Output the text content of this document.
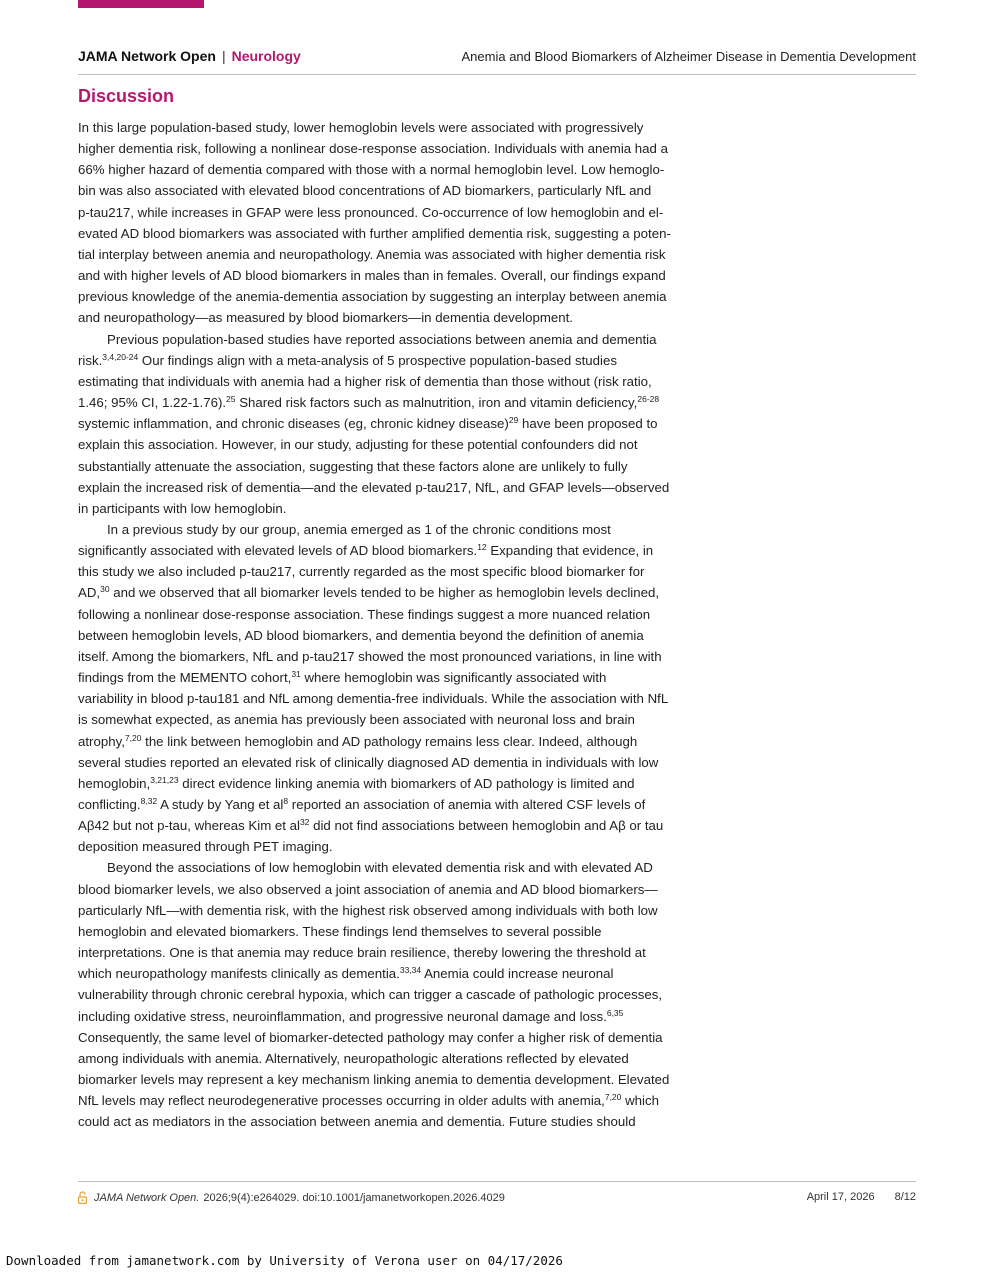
JAMA Network Open | Neurology	Anemia and Blood Biomarkers of Alzheimer Disease in Dementia Development
Discussion

In this large population-based study, lower hemoglobin levels were associated with progressively
higher dementia risk, following a nonlinear dose-response association. Individuals with anemia had a
66% higher hazard of dementia compared with those with a normal hemoglobin level. Low hemoglo-
bin was also associated with elevated blood concentrations of AD biomarkers, particularly NfL and
p-tau217, while increases in GFAP were less pronounced. Co-occurrence of low hemoglobin and el-
evated AD blood biomarkers was associated with further amplified dementia risk, suggesting a poten-
tial interplay between anemia and neuropathology. Anemia was associated with higher dementia risk
and with higher levels of AD blood biomarkers in males than in females. Overall, our findings expand
previous knowledge of the anemia-dementia association by suggesting an interplay between anemia
and neuropathology—as measured by blood biomarkers—in dementia development.

Previous population-based studies have reported associations between anemia and dementia
risk.$^{3,4,20-24}$ Our findings align with a meta-analysis of 5 prospective population-based studies
estimating that individuals with anemia had a higher risk of dementia than those without (risk ratio,
1.46; 95% CI, 1.22-1.76).$^{25}$ Shared risk factors such as malnutrition, iron and vitamin deficiency,$^{26-28}$
systemic inflammation, and chronic diseases (eg, chronic kidney disease)$^{29}$ have been proposed to
explain this association. However, in our study, adjusting for these potential confounders did not
substantially attenuate the association, suggesting that these factors alone are unlikely to fully
explain the increased risk of dementia—and the elevated p-tau217, NfL, and GFAP levels—observed
in participants with low hemoglobin.

In a previous study by our group, anemia emerged as 1 of the chronic conditions most
significantly associated with elevated levels of AD blood biomarkers.$^{12}$ Expanding that evidence, in
this study we also included p-tau217, currently regarded as the most specific blood biomarker for
AD,$^{30}$ and we observed that all biomarker levels tended to be higher as hemoglobin levels declined,
following a nonlinear dose-response association. These findings suggest a more nuanced relation
between hemoglobin levels, AD blood biomarkers, and dementia beyond the definition of anemia
itself. Among the biomarkers, NfL and p-tau217 showed the most pronounced variations, in line with
findings from the MEMENTO cohort,$^{31}$ where hemoglobin was significantly associated with
variability in blood p-tau181 and NfL among dementia-free individuals. While the association with NfL
is somewhat expected, as anemia has previously been associated with neuronal loss and brain
atrophy,$^{7,20}$ the link between hemoglobin and AD pathology remains less clear. Indeed, although
several studies reported an elevated risk of clinically diagnosed AD dementia in individuals with low
hemoglobin,$^{3,21,23}$ direct evidence linking anemia with biomarkers of AD pathology is limited and
conflicting.$^{8,32}$ A study by Yang et $al^8$ reported an association of anemia with altered CSF levels of
Aβ42 but not p-tau, whereas Kim et $al^{32}$ did not find associations between hemoglobin and Aβ or tau
deposition measured through PET imaging.

Beyond the associations of low hemoglobin with elevated dementia risk and with elevated AD
blood biomarker levels, we also observed a joint association of anemia and AD blood biomarkers—
particularly NfL—with dementia risk, with the highest risk observed among individuals with both low
hemoglobin and elevated biomarkers. These findings lend themselves to several possible
interpretations. One is that anemia may reduce brain resilience, thereby lowering the threshold at
which neuropathology manifests clinically as dementia.$^{33,34}$ Anemia could increase neuronal
vulnerability through chronic cerebral hypoxia, which can trigger a cascade of pathologic processes,
including oxidative stress, neuroinflammation, and progressive neuronal damage and loss.$^{6,35}$
Consequently, the same level of biomarker-detected pathology may confer a higher risk of dementia
among individuals with anemia. Alternatively, neuropathologic alterations reflected by elevated
biomarker levels may represent a key mechanism linking anemia to dementia development. Elevated
NfL levels may reflect neurodegenerative processes occurring in older adults with anemia,$^{7,20}$ which
could act as mediators in the association between anemia and dementia. Future studies should

JAMA Network Open. 2026;9(4):e264029. doi:10.1001/jamanetworkopen.2026.4029	April 17, 2026 8/12
Downloaded from jamanetwork.com by University of Verona user on 04/17/2026
